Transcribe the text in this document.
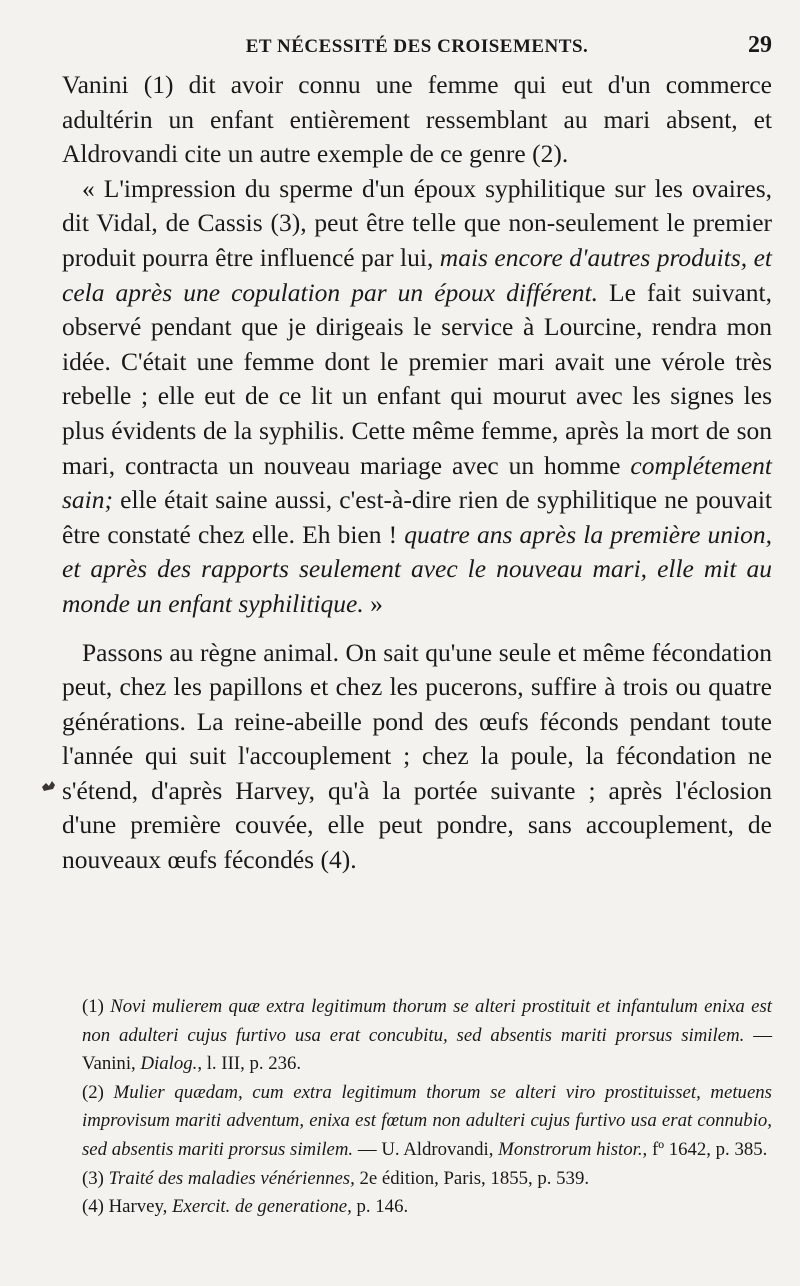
ET NÉCESSITÉ DES CROISEMENTS.	29

Vanini (1) dit avoir connu une femme qui eut d'un commerce adultérin un enfant entièrement ressemblant au mari absent, et Aldrovandi cite un autre exemple de ce genre (2).

« L'impression du sperme d'un époux syphilitique sur les ovaires, dit Vidal, de Cassis (3), peut être telle que non-seulement le premier produit pourra être influencé par lui, mais encore d'autres produits, et cela après une copulation par un époux différent. Le fait suivant, observé pendant que je dirigeais le service à Lourcine, rendra mon idée. C'était une femme dont le premier mari avait une vérole très rebelle ; elle eut de ce lit un enfant qui mourut avec les signes les plus évidents de la syphilis. Cette même femme, après la mort de son mari, contracta un nouveau mariage avec un homme complétement sain; elle était saine aussi, c'est-à-dire rien de syphilitique ne pouvait être constaté chez elle. Eh bien ! quatre ans après la première union, et après des rapports seulement avec le nouveau mari, elle mit au monde un enfant syphilitique. »

Passons au règne animal. On sait qu'une seule et même fécondation peut, chez les papillons et chez les pucerons, suffire à trois ou quatre générations. La reine-abeille pond des œufs féconds pendant toute l'année qui suit l'accouplement ; chez la poule, la fécondation ne s'étend, d'après Harvey, qu'à la portée suivante ; après l'éclosion d'une première couvée, elle peut pondre, sans accouplement, de nouveaux œufs fécondés (4).

(1) Novi mulierem quæ extra legitimum thorum se alteri prostituit et infantulum enixa est non adulteri cujus furtivo usa erat concubitu, sed absentis mariti prorsus similem. — Vanini, Dialog., l. III, p. 236.

(2) Mulier quædam, cum extra legitimum thorum se alteri viro prostituisset, metuens improvisum mariti adventum, enixa est fœtum non adulteri cujus furtivo usa erat connubio, sed absentis mariti prorsus similem. — U. Aldrovandi, Monstrorum histor., fº 1642, p. 385.

(3) Traité des maladies vénériennes, 2e édition, Paris, 1855, p. 539.

(4) Harvey, Exercit. de generatione, p. 146.
